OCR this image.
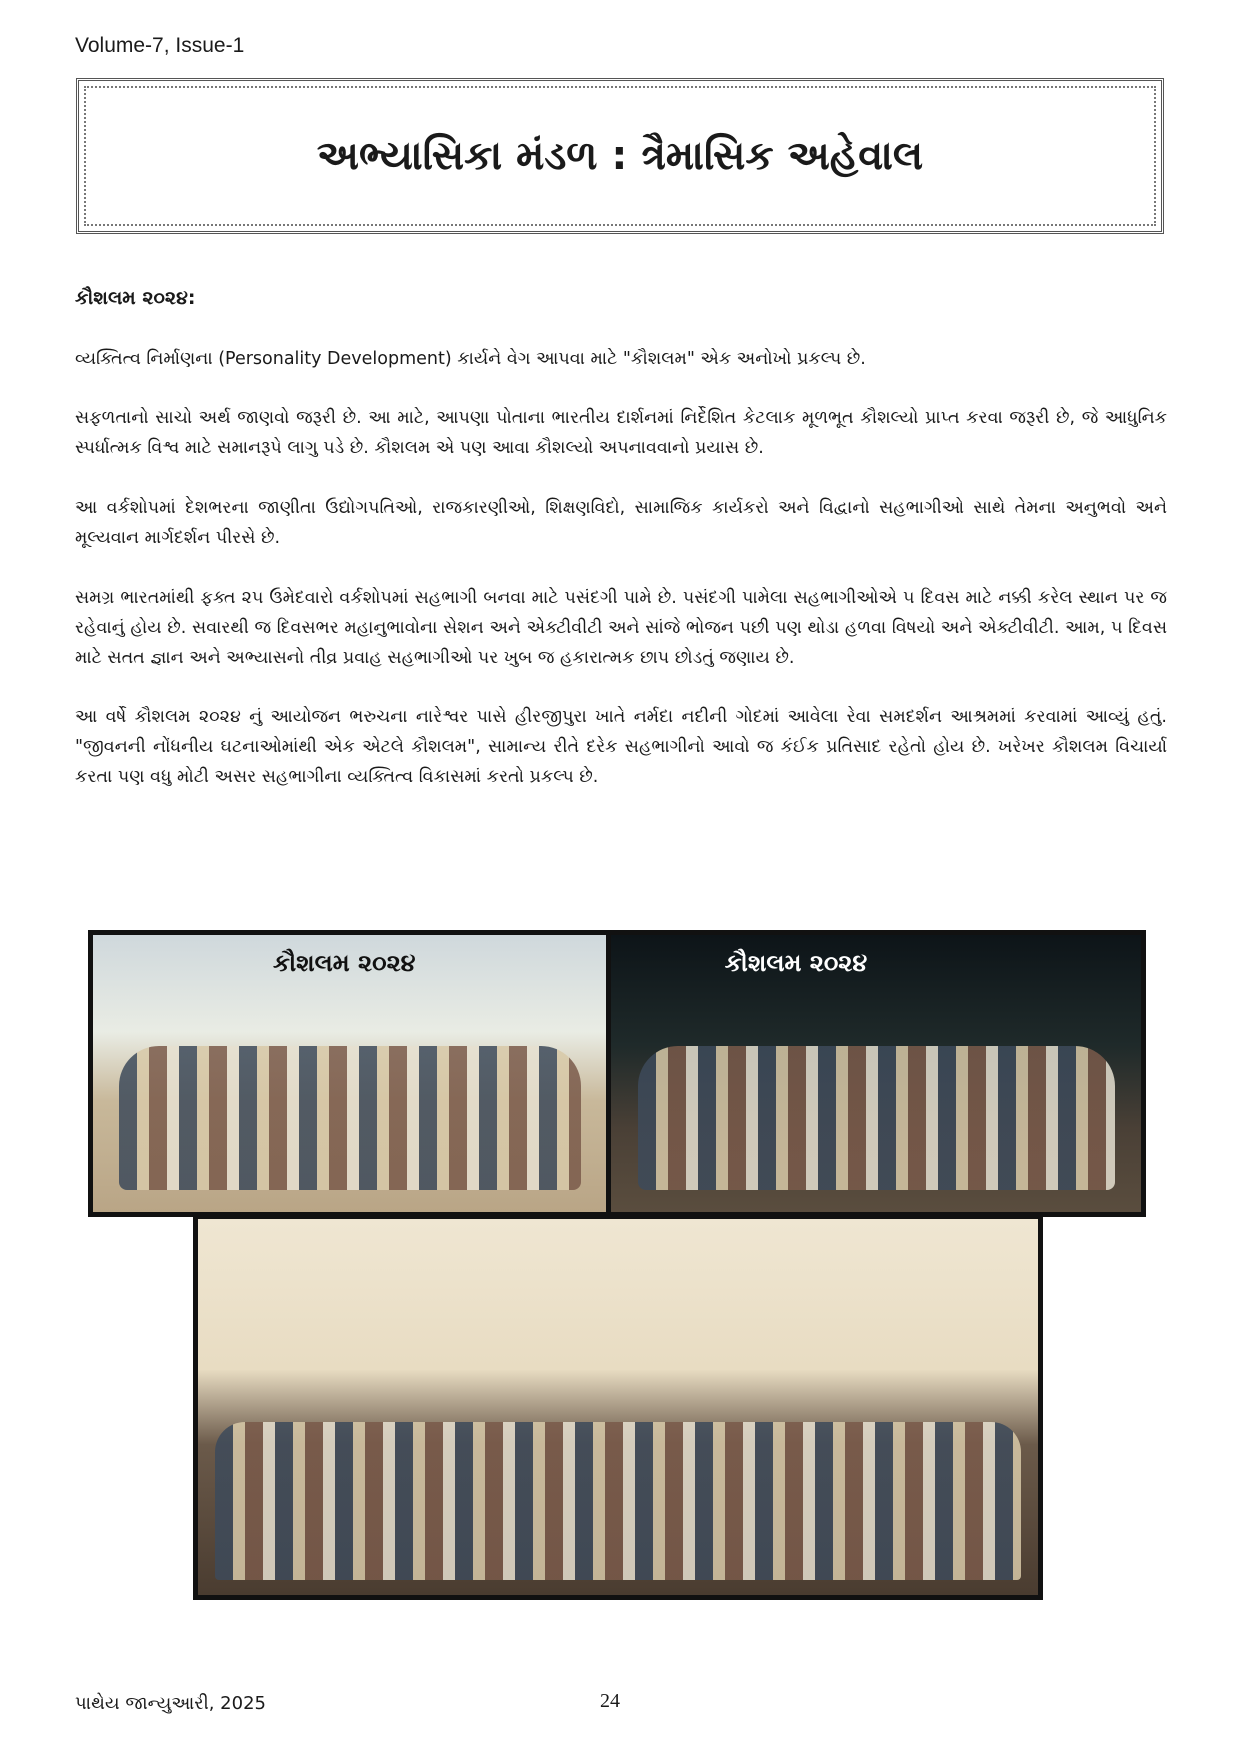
Volume-7, Issue-1
અભ્યાસિકા મંડળ : ત્રૈમાસિક અહેવાલ
કૌશલમ ૨૦૨૪:
વ્યક્તિત્વ નિર્માણના (Personality Development) કાર્યને વેગ આપવા માટે "કૌશલમ" એક અનોખો પ્રકલ્પ છે.
સફળતાનો સાચો અર્થ જાણવો જરૂરી છે. આ માટે, આપણા પોતાના ભારતીય દાર્શનમાં નિર્દેશિત કેટલાક મૂળભૂત કૌશલ્યો પ્રાપ્ત કરવા જરૂરી છે, જે આધુનિક સ્પર્ધાત્મક વિશ્વ માટે સમાનરૂપે લાગુ પડે છે. કૌશલમ એ પણ આવા કૌશલ્યો અપનાવવાનો પ્રયાસ છે.
આ વર્કશોપમાં દેશભરના જાણીતા ઉદ્યોગપતિઓ, રાજકારણીઓ, શિક્ષણવિદો, સામાજિક કાર્યકરો અને વિદ્વાનો સહભાગીઓ સાથે તેમના અનુભવો અને મૂલ્યવાન માર્ગદર્શન પીરસે છે.
સમગ્ર ભારતમાંથી ફક્ત ૨૫ ઉમેદવારો વર્કશોપમાં સહભાગી બનવા માટે પસંદગી પામે છે. પસંદગી પામેલા સહભાગીઓએ ૫ દિવસ માટે નક્કી કરેલ સ્થાન પર જ રહેવાનું હોય છે. સવારથી જ દિવસભર મહાનુભાવોના સેશન અને એક્ટીવીટી અને સાંજે ભોજન પછી પણ થોડા હળવા વિષયો અને એક્ટીવીટી. આમ, ૫ દિવસ માટે સતત જ્ઞાન અને અભ્યાસનો તીવ્ર પ્રવાહ સહભાગીઓ પર ખુબ જ હકારાત્મક છાપ છોડતું જણાય છે.
આ વર્ષે કૌશલમ ૨૦૨૪ નું આયોજન ભરુચના નારેશ્વર પાસે હીરજીપુરા ખાતે નર્મદા નદીની ગોદમાં આવેલા રેવા સમદર્શન આશ્રમમાં કરવામાં આવ્યું હતું. "જીવનની નોંધનીય ઘટનાઓમાંથી એક એટલે કૌશલમ", સામાન્ય રીતે દરેક સહભાગીનો આવો જ કંઈક પ્રતિસાદ રહેતો હોય છે. ખરેખર કૌશલમ વિચાર્યા કરતા પણ વધુ મોટી અસર સહભાગીના વ્યક્તિત્વ વિકાસમાં કરતો પ્રકલ્પ છે.
કૌશલમ ૨૦૨૪	કૌશલમ ૨૦૨૪
પાથેય જાન્યુઆરી, 2025	24
